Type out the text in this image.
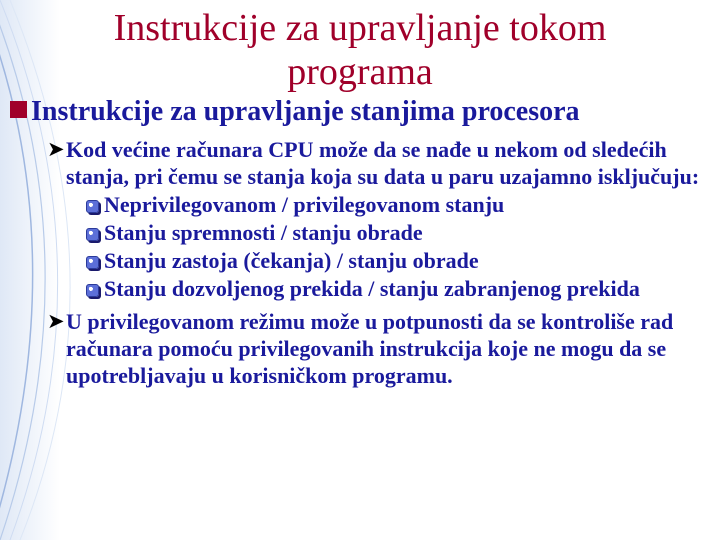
Instrukcije za upravljanje tokom programa
Instrukcije za upravljanje stanjima procesora
➤ Kod većine računara CPU može da se nađe u nekom od sledećih stanja, pri čemu se stanja koja su data u paru uzajamno isključuju:
Neprivilegovanom / privilegovanom stanju
Stanju spremnosti / stanju obrade
Stanju zastoja (čekanja) / stanju obrade
Stanju dozvoljenog prekida / stanju zabranjenog prekida
➤ U privilegovanom režimu može u potpunosti da se kontroliše rad računara pomoću privilegovanih instrukcija koje ne mogu da se upotrebljavaju u korisničkom programu.
